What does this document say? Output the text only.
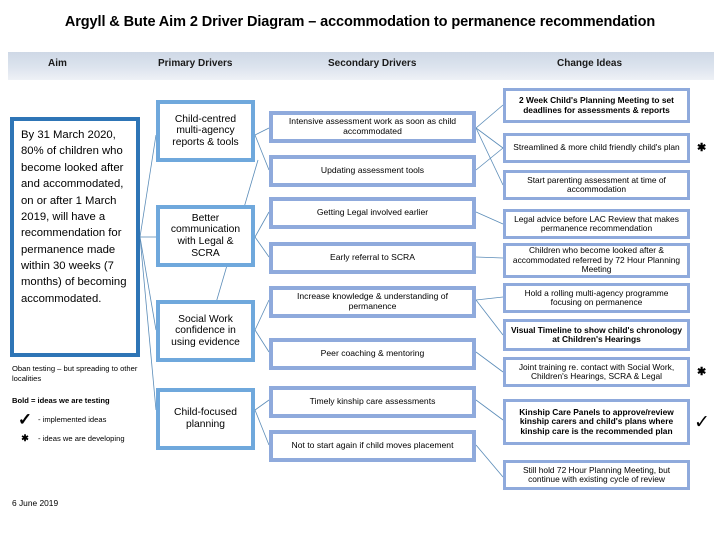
Argyll & Bute Aim 2 Driver Diagram – accommodation to permanence recommendation
Aim	Primary Drivers	Secondary Drivers	Change Ideas
By 31 March 2020, 80% of children who become looked after and accommodated, on or after 1 March 2019, will have a recommendation for permanence made within 30 weeks (7 months) of becoming accommodated.
Child-centred multi-agency reports & tools
Better communication with Legal & SCRA
Social Work confidence in using evidence
Child-focused planning
Intensive assessment work as soon as child accommodated
Updating assessment tools
Getting Legal involved earlier
Early referral to SCRA
Increase knowledge & understanding of permanence
Peer coaching & mentoring
Timely kinship care assessments
Not to start again if child moves placement
2 Week Child's Planning Meeting to set deadlines for assessments & reports
Streamlined & more child friendly child's plan
Start parenting assessment at time of accommodation
Legal advice before LAC Review that makes permanence recommendation
Children who become looked after & accommodated referred by 72 Hour Planning Meeting
Hold a rolling multi-agency programme focusing on permanence
Visual Timeline to show child's chronology at Children's Hearings
Joint training re. contact with Social Work, Children's Hearings, SCRA & Legal
Kinship Care Panels to approve/review kinship carers and child's plans where kinship care is the recommended plan
Still hold 72 Hour Planning Meeting, but continue with existing cycle of review
✱
✱
✓
Oban testing – but spreading to other localities
Bold = ideas we are testing
✓ - implemented ideas
✱	- ideas we are developing
6 June 2019
